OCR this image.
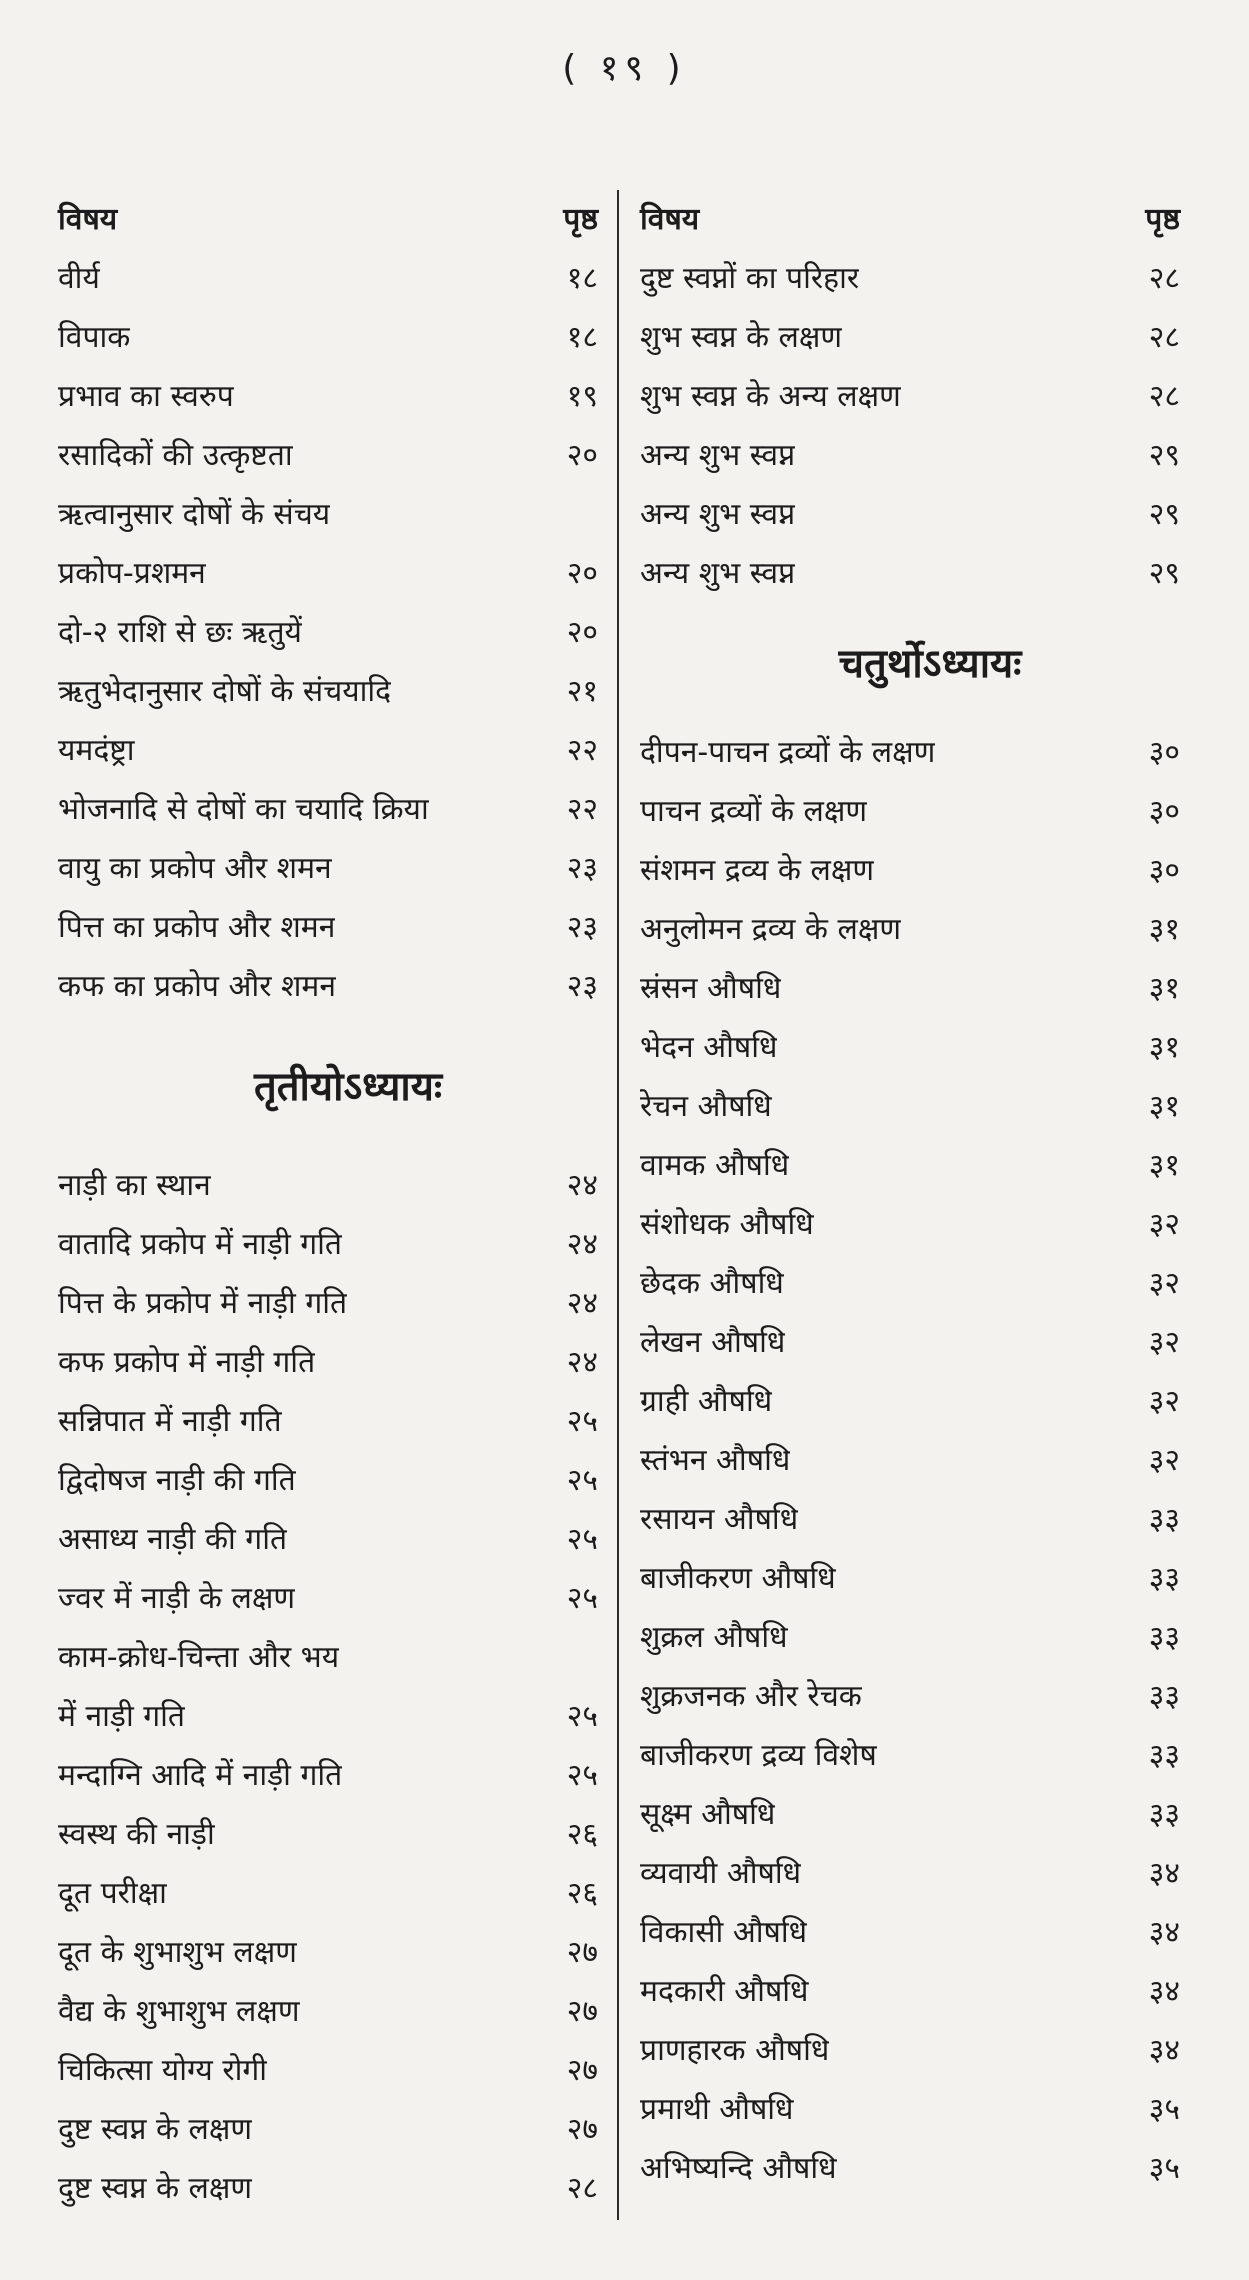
( १९ )
विषय	पृष्ठ
वीर्य	१८
विपाक	१८
प्रभाव का स्वरुप	१९
रसादिकों की उत्कृष्टता	२०
ऋत्वानुसार दोषों के संचय
प्रकोप-प्रशमन	२०
दो-२ राशि से छः ऋतुयें	२०
ऋतुभेदानुसार दोषों के संचयादि	२१
यमदंष्ट्रा	२२
भोजनादि से दोषों का चयादि क्रिया	२२
वायु का प्रकोप और शमन	२३
पित्त का प्रकोप और शमन	२३
कफ का प्रकोप और शमन	२३
तृतीयोऽध्यायः
नाड़ी का स्थान	२४
वातादि प्रकोप में नाड़ी गति	२४
पित्त के प्रकोप में नाड़ी गति	२४
कफ प्रकोप में नाड़ी गति	२४
सन्निपात में नाड़ी गति	२५
द्विदोषज नाड़ी की गति	२५
असाध्य नाड़ी की गति	२५
ज्वर में नाड़ी के लक्षण	२५
काम-क्रोध-चिन्ता और भय
में नाड़ी गति	२५
मन्दाग्नि आदि में नाड़ी गति	२५
स्वस्थ की नाड़ी	२६
दूत परीक्षा	२६
दूत के शुभाशुभ लक्षण	२७
वैद्य के शुभाशुभ लक्षण	२७
चिकित्सा योग्य रोगी	२७
दुष्ट स्वप्न के लक्षण	२७
दुष्ट स्वप्न के लक्षण	२८
विषय	पृष्ठ
दुष्ट स्वप्नों का परिहार	२८
शुभ स्वप्न के लक्षण	२८
शुभ स्वप्न के अन्य लक्षण	२८
अन्य शुभ स्वप्न	२९
अन्य शुभ स्वप्न	२९
अन्य शुभ स्वप्न	२९
चतुर्थोऽध्यायः
दीपन-पाचन द्रव्यों के लक्षण	३०
पाचन द्रव्यों के लक्षण	३०
संशमन द्रव्य के लक्षण	३०
अनुलोमन द्रव्य के लक्षण	३१
स्रंसन औषधि	३१
भेदन औषधि	३१
रेचन औषधि	३१
वामक औषधि	३१
संशोधक औषधि	३२
छेदक औषधि	३२
लेखन औषधि	३२
ग्राही औषधि	३२
स्तंभन औषधि	३२
रसायन औषधि	३३
बाजीकरण औषधि	३३
शुक्रल औषधि	३३
शुक्रजनक और रेचक	३३
बाजीकरण द्रव्य विशेष	३३
सूक्ष्म औषधि	३३
व्यवायी औषधि	३४
विकासी औषधि	३४
मदकारी औषधि	३४
प्राणहारक औषधि	३४
प्रमाथी औषधि	३५
अभिष्यन्दि औषधि	३५
